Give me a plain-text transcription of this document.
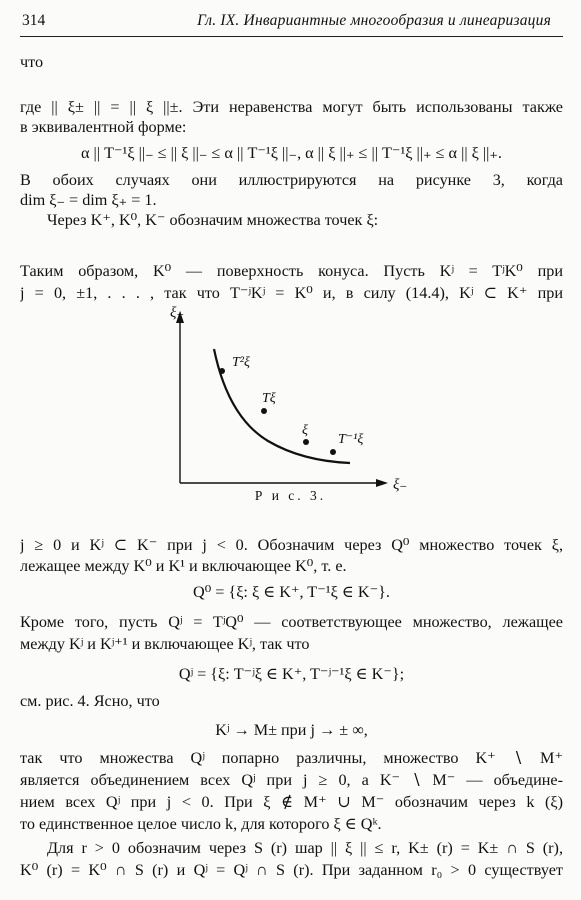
314	Гл. IX. Инвариантные многообразия и линеаризация
что
где || ξ± || = || ξ ||±. Эти неравенства могут быть использованы также
в эквивалентной форме:
α || T⁻¹ξ ||₋ ≤ || ξ ||₋ ≤ α || T⁻¹ξ ||₋, α || ξ ||₊ ≤ || T⁻¹ξ ||₊ ≤ α || ξ ||₊.
В обоих случаях они иллюстрируются на рисунке 3, когда
dim ξ₋ = dim ξ₊ = 1.
Через K⁺, K⁰, K⁻ обозначим множества точек ξ:
Таким образом, K⁰ — поверхность конуса. Пусть Kʲ = TʲK⁰ при
j = 0, ±1, . . . , так что T⁻ʲKʲ = K⁰ и, в силу (14.4), Kʲ ⊂ K⁺ при
ξ₊
ξ₋
T²ξ
Tξ
ξ
T⁻¹ξ
Р и с. 3.
j ≥ 0 и Kʲ ⊂ K⁻ при j < 0. Обозначим через Q⁰ множество точек ξ,
лежащее между K⁰ и K¹ и включающее K⁰, т. е.
Q⁰ = {ξ: ξ ∈ K⁺, T⁻¹ξ ∈ K⁻}.
Кроме того, пусть Qʲ = TʲQ⁰ — соответствующее множество, лежащее
между Kʲ и Kʲ⁺¹ и включающее Kʲ, так что
Qʲ = {ξ: T⁻ʲξ ∈ K⁺, T⁻ʲ⁻¹ξ ∈ K⁻};
см. рис. 4. Ясно, что
Kʲ → M± при j → ± ∞,
так что множества Qʲ попарно различны, множество K⁺ ∖ M⁺
является объединением всех Qʲ при j ≥ 0, а K⁻ ∖ M⁻ — объедине-
нием всех Qʲ при j < 0. При ξ ∉ M⁺ ∪ M⁻ обозначим через k (ξ)
то единственное целое число k, для которого ξ ∈ Qᵏ.
Для r > 0 обозначим через S (r) шар || ξ || ≤ r, K± (r) = K± ∩ S (r),
K⁰ (r) = K⁰ ∩ S (r) и Qʲ = Qʲ ∩ S (r). При заданном r₀ > 0 существует
